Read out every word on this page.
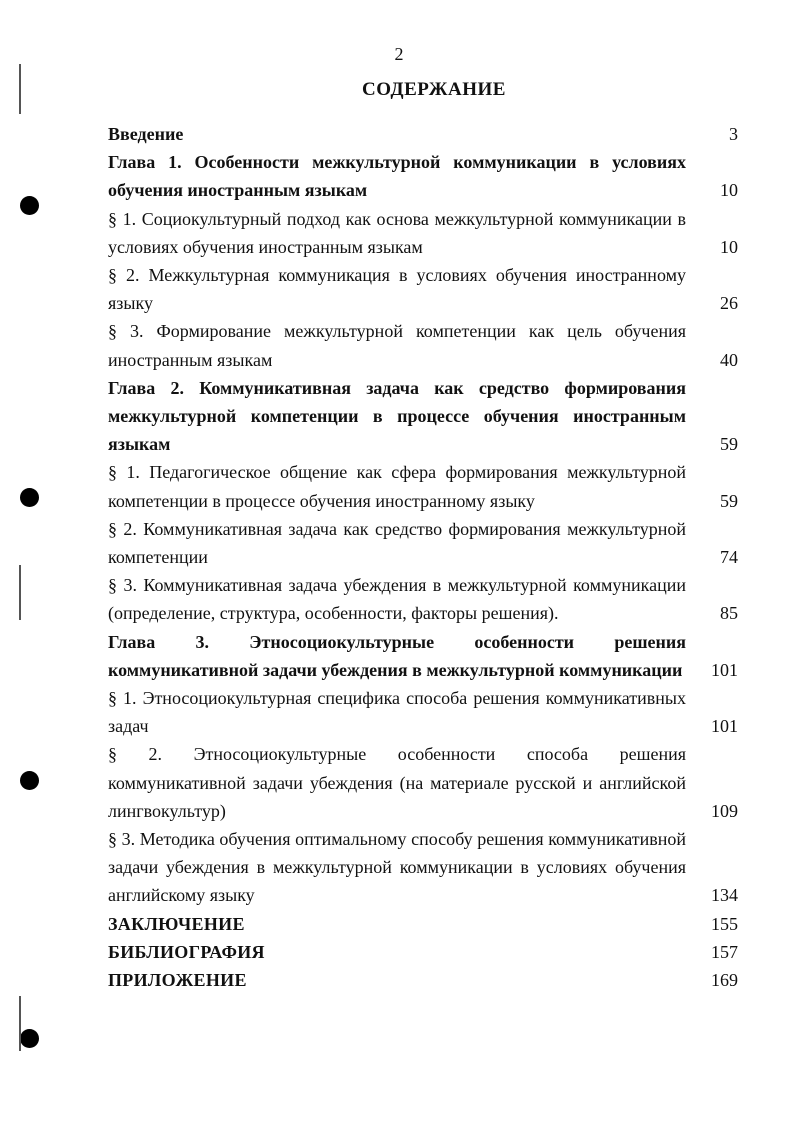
2
СОДЕРЖАНИЕ
Введение	3
Глава 1. Особенности межкультурной коммуникации в условиях обучения иностранным языкам	10
§ 1. Социокультурный подход как основа межкультурной коммуникации в условиях обучения иностранным языкам	10
§ 2. Межкультурная коммуникация в условиях обучения иностранному языку	26
§ 3. Формирование межкультурной компетенции как цель обучения иностранным языкам	40
Глава 2. Коммуникативная задача как средство формирования межкультурной компетенции в процессе обучения иностранным языкам	59
§ 1. Педагогическое общение как сфера формирования межкультурной компетенции в процессе обучения иностранному языку	59
§ 2. Коммуникативная задача как средство формирования межкультурной компетенции	74
§ 3. Коммуникативная задача убеждения в межкультурной коммуникации (определение, структура, особенности, факторы решения).	85
Глава 3. Этносоциокультурные особенности решения коммуникативной задачи убеждения в межкультурной коммуникации	101
§ 1. Этносоциокультурная специфика способа решения коммуникативных задач	101
§ 2. Этносоциокультурные особенности способа решения коммуникативной задачи убеждения (на материале русской и английской лингвокультур)	109
§ 3. Методика обучения оптимальному способу решения коммуникативной задачи убеждения в межкультурной коммуникации в условиях обучения английскому языку	134
ЗАКЛЮЧЕНИЕ	155
БИБЛИОГРАФИЯ	157
ПРИЛОЖЕНИЕ	169
